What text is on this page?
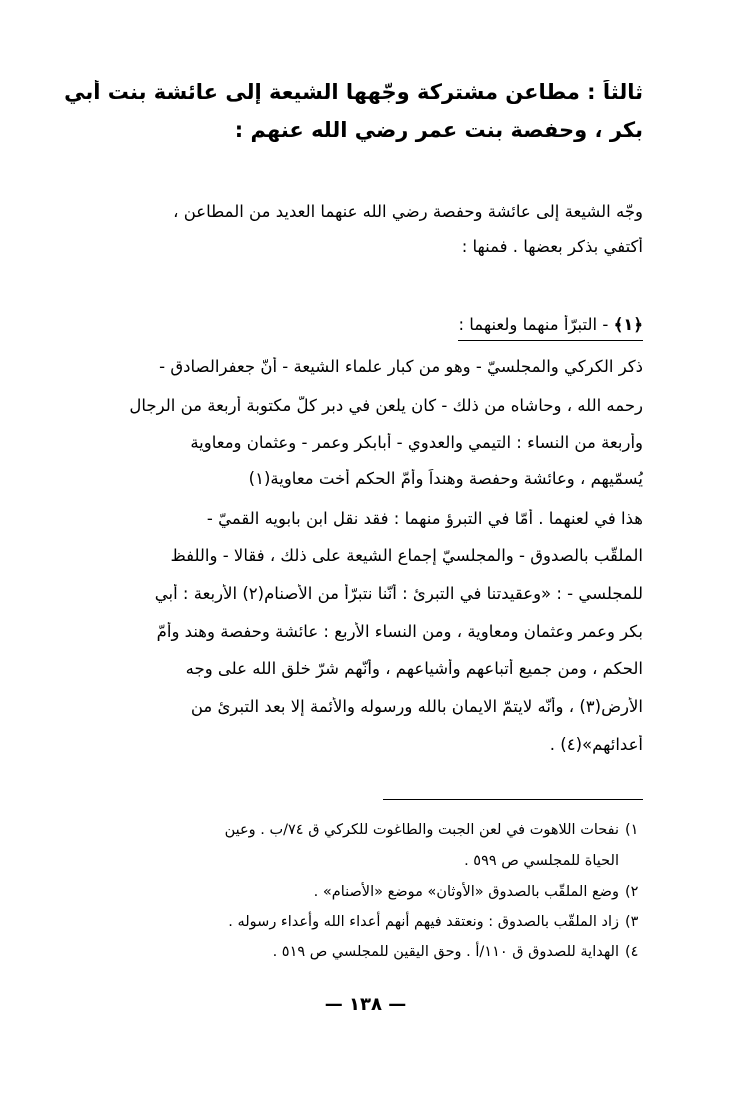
ثالثاً : مطاعن مشتركة وجّهها الشيعة إلى عائشة بنت أبي
بكر ، وحفصة بنت عمر رضي الله عنهم :
وجّه الشيعة إلى عائشة وحفصة رضي الله عنهما العديد من المطاعن ،
أكتفي بذكر بعضها . فمنها :
﴿١﴾ - التبرّأ منهما ولعنهما :
ذكر الكركي والمجلسيّ - وهو من كبار علماء الشيعة - أنّ جعفرالصادق -
رحمه الله ، وحاشاه من ذلك - كان يلعن في دبر كلّ مكتوبة أربعة من الرجال
وأربعة من النساء : التيمي والعدوي - أبابكر وعمر - وعثمان ومعاوية
يُسمّيهم ، وعائشة وحفصة وهنداً وأمّ الحكم أخت معاوية(١)
هذا في لعنهما . أمّا في التبرؤ منهما : فقد نقل ابن بابويه القميّ -
الملقّب بالصدوق - والمجلسيّ إجماع الشيعة على ذلك ، فقالا - واللفظ
للمجلسي - : «وعقيدتنا في التبرئ : أنّنا نتبرّأ من الأصنام(٢) الأربعة : أبي
بكر وعمر وعثمان ومعاوية ، ومن النساء الأربع : عائشة وحفصة وهند وأمّ
الحكم ، ومن جميع أتباعهم وأشياعهم ، وأنّهم شرّ خلق الله على وجه
الأرض(٣) ، وأنّه لايتمّ الايمان بالله ورسوله والأئمة إلا بعد التبرئ من
أعدائهم»(٤) .
١)نفحات اللاهوت في لعن الجبت والطاغوت للكركي ق ٧٤/ب . وعين
الحياة للمجلسي ص ٥٩٩ .
٢)وضع الملقّب بالصدوق «الأوثان» موضع «الأصنام» .
٣)زاد الملقّب بالصدوق : ونعتقد فيهم أنهم أعداء الله وأعداء رسوله .
٤)الهداية للصدوق ق ١١٠/أ . وحق اليقين للمجلسي ص ٥١٩ .
— ١٣٨ —
